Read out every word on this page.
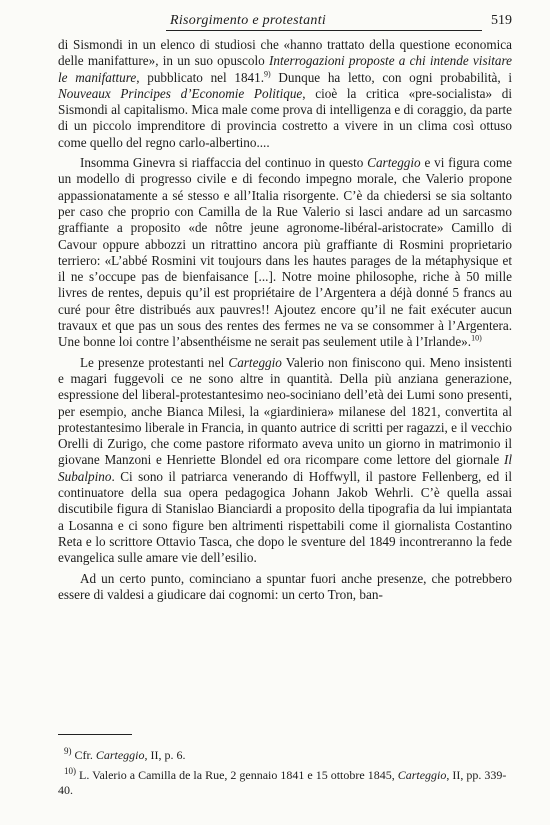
Risorgimento e protestanti	519

di Sismondi in un elenco di studiosi che «hanno trattato della questione economica delle manifatture», in un suo opuscolo Interrogazioni proposte a chi intende visitare le manifatture, pubblicato nel 1841.$^{9)}$ Dunque ha letto, con ogni probabilità, i Nouveaux Principes d’Economie Politique, cioè la critica «pre-socialista» di Sismondi al capitalismo. Mica male come prova di intelligenza e di coraggio, da parte di un piccolo imprenditore di provincia costretto a vivere in un clima così ottuso come quello del regno carlo-albertino....

Insomma Ginevra si riaffaccia del continuo in questo Carteggio e vi figura come un modello di progresso civile e di fecondo impegno morale, che Valerio propone appassionatamente a sé stesso e all’Italia risorgente. C’è da chiedersi se sia soltanto per caso che proprio con Camilla de la Rue Valerio si lasci andare ad un sarcasmo graffiante a proposito «de nôtre jeune agronome-libéral-aristocrate» Camillo di Cavour oppure abbozzi un ritrattino ancora più graffiante di Rosmini proprietario terriero: «L’abbé Rosmini vit toujours dans les hautes parages de la métaphysique et il ne s’occupe pas de bienfaisance [...]. Notre moine philosophe, riche à 50 mille livres de rentes, depuis qu’il est propriétaire de l’Argentera a déjà donné 5 francs au curé pour être distribués aux pauvres!! Ajoutez encore qu’il ne fait exécuter aucun travaux et que pas un sous des rentes des fermes ne va se consommer à l’Argentera. Une bonne loi contre l’absenthéisme ne serait pas seulement utile à l’Irlande».$^{10)}$

Le presenze protestanti nel Carteggio Valerio non finiscono qui. Meno insistenti e magari fuggevoli ce ne sono altre in quantità. Della più anziana generazione, espressione del liberal-protestantesimo neo-sociniano dell’età dei Lumi sono presenti, per esempio, anche Bianca Milesi, la «giardiniera» milanese del 1821, convertita al protestantesimo liberale in Francia, in quanto autrice di scritti per ragazzi, e il vecchio Orelli di Zurigo, che come pastore riformato aveva unito un giorno in matrimonio il giovane Manzoni e Henriette Blondel ed ora ricompare come lettore del giornale Il Subalpino. Ci sono il patriarca venerando di Hoffwyll, il pastore Fellenberg, ed il continuatore della sua opera pedagogica Johann Jakob Wehrli. C’è quella assai discutibile figura di Stanislao Bianciardi a proposito della tipografia da lui impiantata a Losanna e ci sono figure ben altrimenti rispettabili come il giornalista Costantino Reta e lo scrittore Ottavio Tasca, che dopo le sventure del 1849 incontreranno la fede evangelica sulle amare vie dell’esilio.

Ad un certo punto, cominciano a spuntar fuori anche presenze, che potrebbero essere di valdesi a giudicare dai cognomi: un certo Tron, ban-

$^{9)}$ Cfr. Carteggio, II, p. 6.
$^{10)}$ L. Valerio a Camilla de la Rue, 2 gennaio 1841 e 15 ottobre 1845, Carteggio, II, pp. 339-40.
